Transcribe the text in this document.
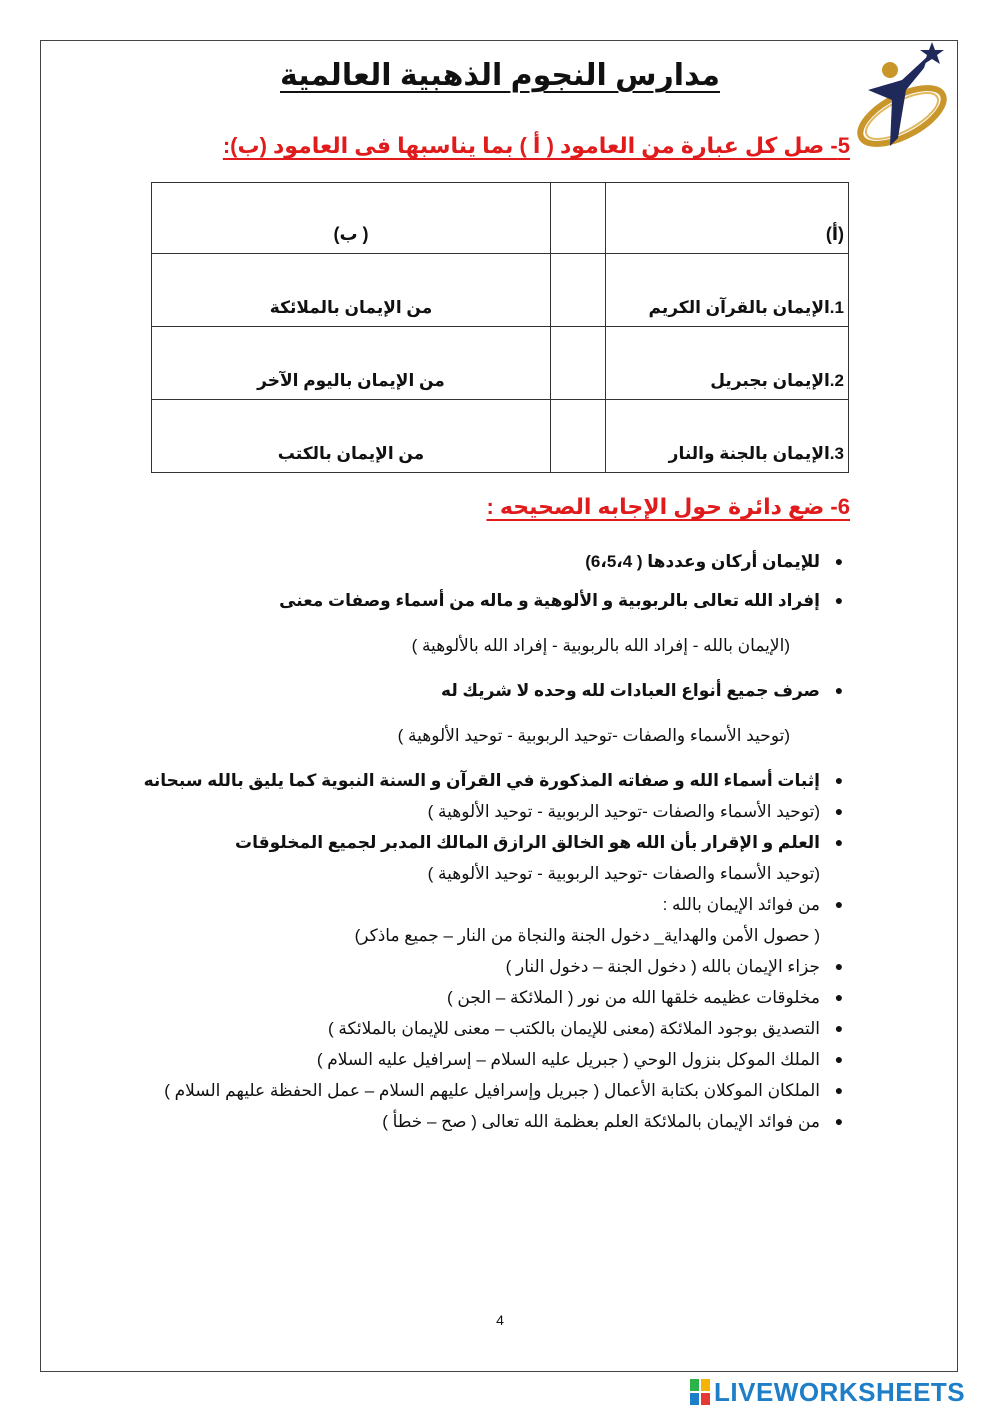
مدارس النجوم الذهبية العالمية
5- صل كل عبارة من العامود ( أ ) بما يناسبها فى العامود (ب):
(أ)		( ب)
1.الإيمان بالقرآن الكريم		من الإيمان بالملائكة
2.الإيمان بجبريل		من الإيمان باليوم الآخر
3.الإيمان بالجنة والنار		من الإيمان بالكتب
6- ضع دائرة حول الإجابه الصحيحه :
●
للإيمان أركان وعددها ( 6،5،4)
●
إفراد الله تعالى بالربوبية و الألوهية و ماله من أسماء وصفات معنى
(الإيمان بالله - إفراد الله بالربوبية - إفراد الله بالألوهية )
●
صرف جميع أنواع العبادات لله وحده لا شريك له
(توحيد الأسماء والصفات -توحيد الربوبية - توحيد الألوهية )
●
إثبات أسماء الله و صفاته المذكورة في القرآن و السنة النبوية كما يليق بالله سبحانه
●
(توحيد الأسماء والصفات -توحيد الربوبية - توحيد الألوهية )
●
العلم و الإقرار بأن الله هو الخالق الرازق المالك المدبر لجميع المخلوقات
(توحيد الأسماء والصفات -توحيد الربوبية - توحيد الألوهية )
●
من فوائد الإيمان بالله :
( حصول الأمن والهداية_ دخول الجنة والنجاة من النار – جميع ماذكر)
●
جزاء الإيمان بالله ( دخول الجنة – دخول النار )
●
مخلوقات عظيمه خلقها الله من نور ( الملائكة – الجن )
●
التصديق بوجود الملائكة (معنى للإيمان بالكتب – معنى للإيمان بالملائكة )
●
الملك الموكل بنزول الوحي ( جبريل عليه السلام – إسرافيل عليه السلام )
●
الملكان الموكلان بكتابة الأعمال ( جبريل وإسرافيل عليهم السلام – عمل الحفظة عليهم السلام )
●
من فوائد الإيمان بالملائكة العلم بعظمة الله تعالى ( صح – خطأ )
4
LIVEWORKSHEETS
